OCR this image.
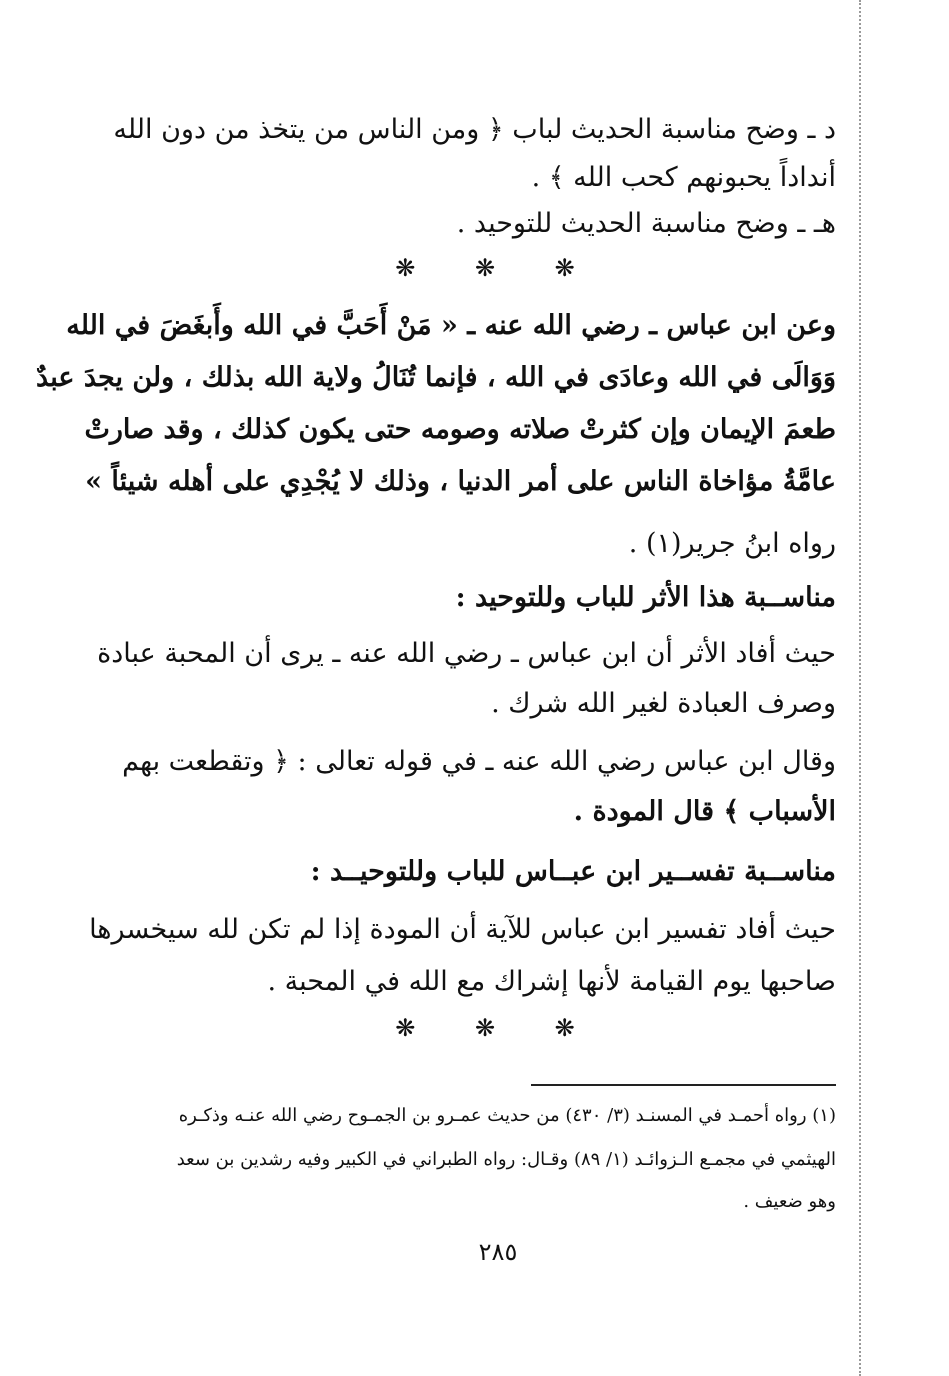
د ـ وضح مناسبة الحديث لباب ﴿ ومن الناس من يتخذ من دون الله
أنداداً يحبونهم كحب الله ﴾ .
هـ ـ وضح مناسبة الحديث للتوحيد .
❋ ❋ ❋
وعن ابن عباس ـ رضي الله عنه ـ « مَنْ أَحَبَّ في الله وأَبغَضَ في الله
وَوَالَى في الله وعادَى في الله ، فإنما تُنَالُ ولاية الله بذلك ، ولن يجدَ عبدٌ
طعمَ الإيمان وإن كثرتْ صلاته وصومه حتى يكون كذلك ، وقد صارتْ
عامَّةُ مؤاخاة الناس على أمر الدنيا ، وذلك لا يُجْدِي على أهله شيئاً »
رواه ابنُ جرير(١) .
مناســبة هذا الأثر للباب وللتوحيد :
حيث أفاد الأثر أن ابن عباس ـ رضي الله عنه ـ يرى أن المحبة عبادة
وصرف العبادة لغير الله شرك .
وقال ابن عباس رضي الله عنه ـ في قوله تعالى : ﴿ وتقطعت بهم
الأسباب ﴾ قال المودة .
مناســبة تفســير ابن عبــاس للباب وللتوحيــد :
حيث أفاد تفسير ابن عباس للآية أن المودة إذا لم تكن لله سيخسرها
صاحبها يوم القيامة لأنها إشراك مع الله في المحبة .
❋ ❋ ❋
(١) رواه أحمـد في المسنـد (٣/ ٤٣٠) من حديث عمـرو بن الجمـوح رضي الله عنـه وذكـره
الهيثمي في مجمـع الـزوائـد (١/ ٨٩) وقـال: رواه الطبراني في الكبير وفيه رشدين بن سعد
وهو ضعيف .
٢٨٥
